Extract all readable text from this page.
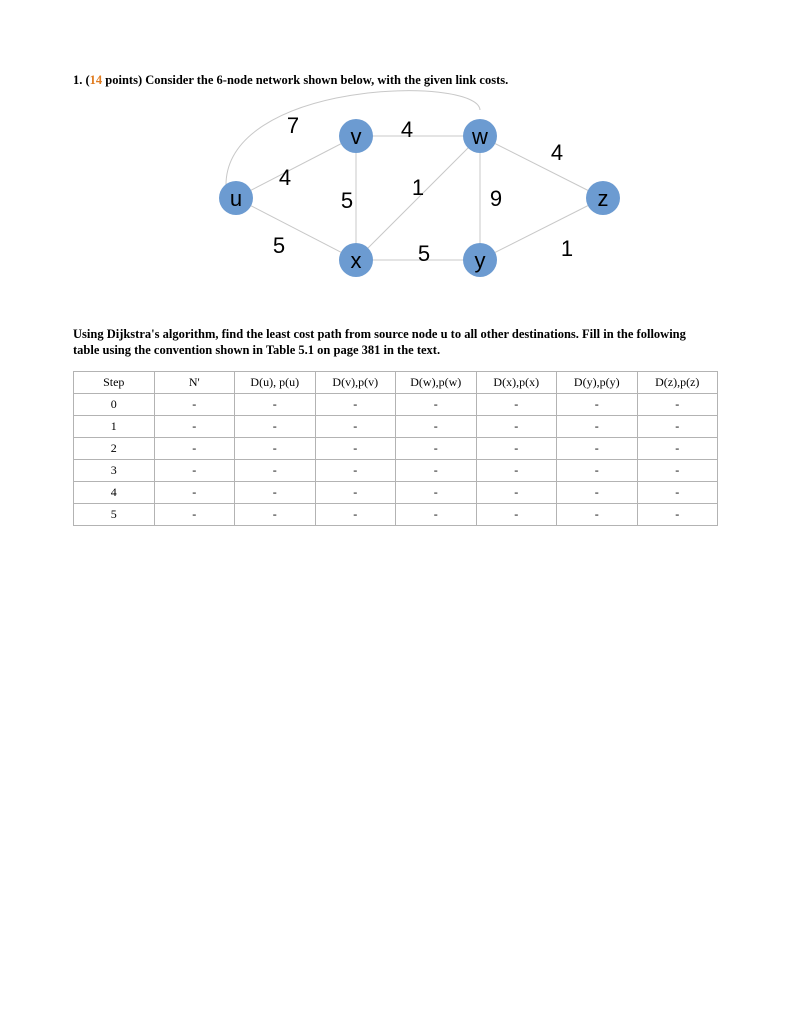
1. (14 points) Consider the 6-node network shown below, with the given link costs.
7
4
5
4
5
1	9
4
5	1
u
v	w
x	y
z

Using Dijkstra's algorithm, find the least cost path from source node u to all other destinations. Fill in the following

table using the convention shown in Table 5.1 on page 381 in the text.

Step	N'	D(u), p(u)	D(v),p(v)	D(w),p(w)	D(x),p(x)	D(y),p(y)	D(z),p(z)
0	-	-	-	-	-	-	-
1	-	-	-	-	-	-	-
2	-	-	-	-	-	-	-
3	-	-	-	-	-	-	-
4	-	-	-	-	-	-	-
5	-	-	-	-	-	-	-
